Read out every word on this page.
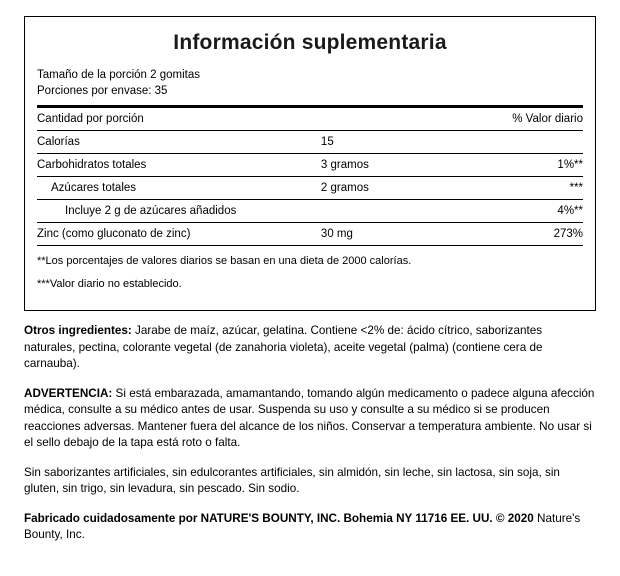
Información suplementaria
Tamaño de la porción 2 gomitas
Porciones por envase: 35
Cantidad por porción		% Valor diario
Calorías	15	
Carbohidratos totales	3 gramos	1%**
Azúcares totales	2 gramos	***
Incluye 2 g de azúcares añadidos		4%**
Zinc (como gluconato de zinc)	30 mg	273%

**Los porcentajes de valores diarios se basan en una dieta de 2000 calorías.

***Valor diario no establecido.

Otros ingredientes: Jarabe de maíz, azúcar, gelatina. Contiene <2% de: ácido cítrico, saborizantes naturales, pectina, colorante vegetal (de zanahoria violeta), aceite vegetal (palma) (contiene cera de carnauba).

ADVERTENCIA: Si está embarazada, amamantando, tomando algún medicamento o padece alguna afección médica, consulte a su médico antes de usar. Suspenda su uso y consulte a su médico si se producen reacciones adversas. Mantener fuera del alcance de los niños. Conservar a temperatura ambiente. No usar si el sello debajo de la tapa está roto o falta.

Sin saborizantes artificiales, sin edulcorantes artificiales, sin almidón, sin leche, sin lactosa, sin soja, sin gluten, sin trigo, sin levadura, sin pescado. Sin sodio.

Fabricado cuidadosamente por NATURE'S BOUNTY, INC. Bohemia NY 11716 EE. UU. © 2020 Nature's Bounty, Inc.
